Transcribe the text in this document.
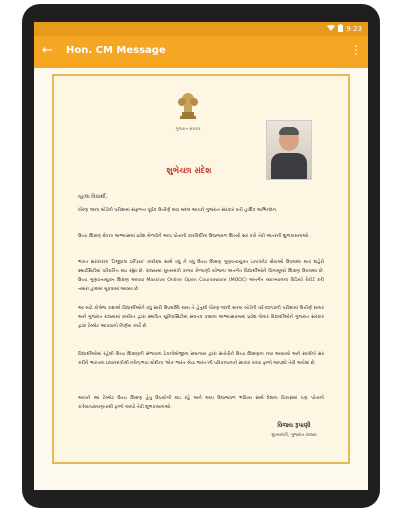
9:23
← Hon. CM Message	⋮
ગુજરાત સરકાર
શુભેચ્છા સંદેશ
વ્હાલા વિદ્યાર્થી,
ધોરણ ૧૨ના બોર્ડની પરીક્ષામાં સફળતા પૂર્વક ઉત્તીર્ણ થવા બદલ આપને ગુજરાત સરકાર વતી હાર્દિક અભિનંદન.
ઉચ્ચ શિક્ષણ ક્ષેત્રના અભ્યાસમાં પ્રવેશ મેળવીને આપ પોતાની કારકિર્દીના ઉજ્જવળ શિખરો સર કરો તેવી અંતરની શુભકામનાઓ.
ભારત સરકારના 'ડિજીટલ ઇન્ડિયા' કાર્યક્રમ સાથે વધુ ને વધુ ઉચ્ચ શિક્ષણ ગુણવત્તાયુક્ત ઇન્ટરનેટ સેવાઓ ઉપલબ્ધ થતાં શહેરો સ્માર્ટસિટીમાં પરિવર્તિત થઇ રહ્યા છે. રાજ્યમાં મુખ્યમંત્રી કન્યા કેળવણી યોજના અંતર્ગત વિદ્યાર્થીઓને વિનામૂલ્યે શિક્ષણ ઉપલબ્ધ છે. ઉચ્ચ ગુણવત્તાયુક્ત શિક્ષણ આપવા Massive Online Open Courseware (MOOC) અંતર્ગત વ્યાખ્યાનના વિડિયો રેકોર્ડ કરી તમારા હાથમાં મૂકવામાં આવ્યા છે.
આ માટે કોલેજ કક્ષાએ વિદ્યાર્થીઓને વધુ સારી ઉપલબ્ધિ થાય તે હેતુથી ધોરણ-૧૨ની માન્ય બોર્ડની વર્ષ-૨૦૧૭ની પરીક્ષામાં ઉત્તીર્ણ થનાર અને ગુજરાત રાજ્યમાં કાર્યરત દ્વારા સ્થાપિત યુનિવર્સિટીમાં સ્નાતક કક્ષાના અભ્યાસક્રમમાં પ્રવેશ લેનાર વિદ્યાર્થીઓને ગુજરાત સરકાર દ્વારા ટેબ્લેટ આપવાનો નિર્ણય કર્યો છે.
વિદ્યાર્થીઓમાં રહેલી ઉચ્ચ શિક્ષણની સંભાવના ટેકનોલોજીના સમન્વય દ્વારા સંતોષીને ઉચ્ચ શિક્ષણના નવા આયામો અને સ્પર્ધાનો સર કરીને ભારતના પ્રધાનમંત્રીશ્રી નરેન્દ્રભાઇ મોદીના 'એક ભારત શ્રેષ્ઠ ભારત'ની પરિકલ્પનાને સાકાર કરવા ફાળો આપશો તેવી અપેક્ષા છે.
આપને આ ટેબ્લેટ ઉચ્ચ શિક્ષણ હેતુ ઉપયોગી થઇ રહે અને આપ ઉજ્જવળ ભવિષ્ય સાથે દેશના વિકાસમાં પણ પોતાનો કર્તવ્યપરાયણતાથી ફાળો આપો તેવી શુભકામનાઓ.
વિજય રૂપાણી
મુખ્યમંત્રી, ગુજરાત રાજ્ય
